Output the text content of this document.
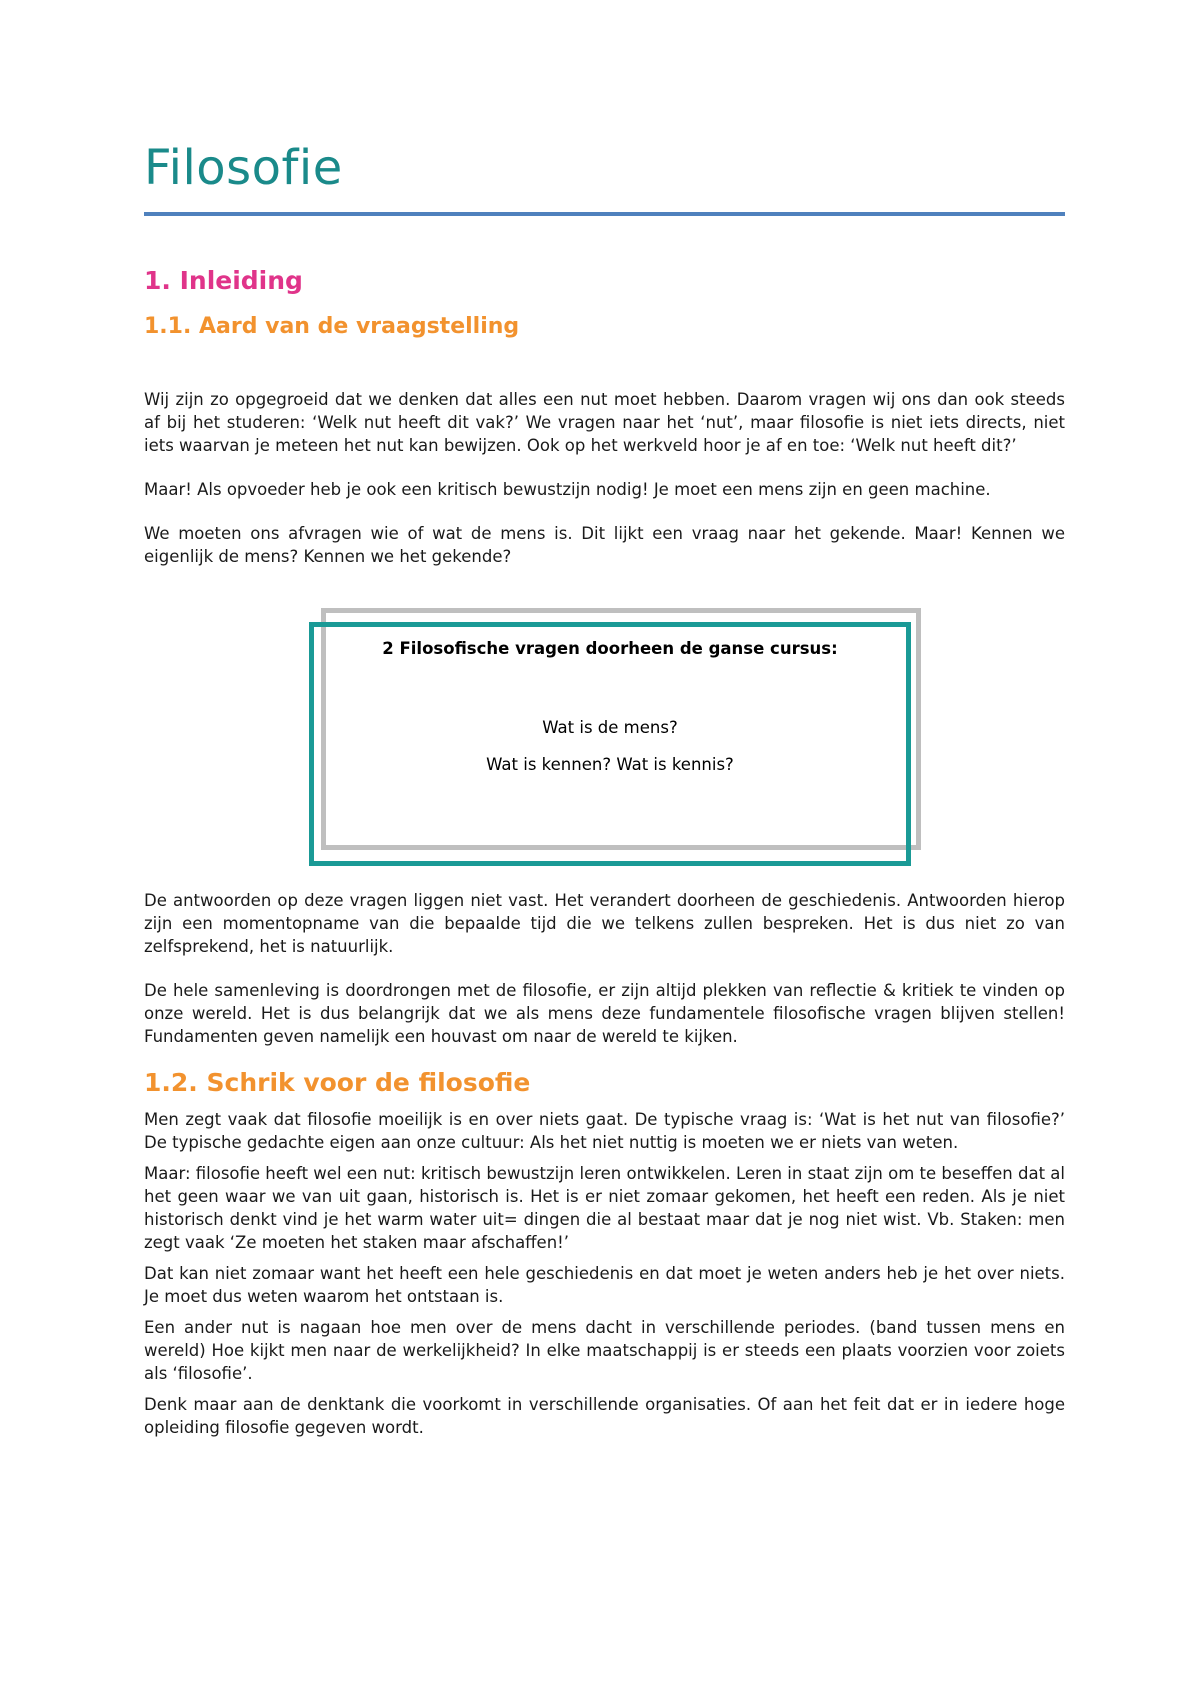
Filosofie
1. Inleiding
1.1. Aard van de vraagstelling

Wij zijn zo opgegroeid dat we denken dat alles een nut moet hebben. Daarom vragen wij ons dan ook steeds af bij het studeren: ‘Welk nut heeft dit vak?’ We vragen naar het ‘nut’, maar filosofie is niet iets directs, niet iets waarvan je meteen het nut kan bewijzen. Ook op het werkveld hoor je af en toe: ‘Welk nut heeft dit?’

Maar! Als opvoeder heb je ook een kritisch bewustzijn nodig! Je moet een mens zijn en geen machine.

We moeten ons afvragen wie of wat de mens is. Dit lijkt een vraag naar het gekende. Maar! Kennen we eigenlijk de mens? Kennen we het gekende?

2 Filosofische vragen doorheen de ganse cursus:
Wat is de mens?
Wat is kennen? Wat is kennis?

De antwoorden op deze vragen liggen niet vast. Het verandert doorheen de geschiedenis. Antwoorden hierop zijn een momentopname van die bepaalde tijd die we telkens zullen bespreken. Het is dus niet zo van zelfsprekend, het is natuurlijk.

De hele samenleving is doordrongen met de filosofie, er zijn altijd plekken van reflectie & kritiek te vinden op onze wereld. Het is dus belangrijk dat we als mens deze fundamentele filosofische vragen blijven stellen! Fundamenten geven namelijk een houvast om naar de wereld te kijken.

1.2. Schrik voor de filosofie

Men zegt vaak dat filosofie moeilijk is en over niets gaat. De typische vraag is: ‘Wat is het nut van filosofie?’ De typische gedachte eigen aan onze cultuur: Als het niet nuttig is moeten we er niets van weten.

Maar: filosofie heeft wel een nut: kritisch bewustzijn leren ontwikkelen. Leren in staat zijn om te beseffen dat al het geen waar we van uit gaan, historisch is. Het is er niet zomaar gekomen, het heeft een reden. Als je niet historisch denkt vind je het warm water uit= dingen die al bestaat maar dat je nog niet wist. Vb. Staken: men zegt vaak ‘Ze moeten het staken maar afschaffen!’

Dat kan niet zomaar want het heeft een hele geschiedenis en dat moet je weten anders heb je het over niets. Je moet dus weten waarom het ontstaan is.

Een ander nut is nagaan hoe men over de mens dacht in verschillende periodes. (band tussen mens en wereld) Hoe kijkt men naar de werkelijkheid? In elke maatschappij is er steeds een plaats voorzien voor zoiets als ‘filosofie’.

Denk maar aan de denktank die voorkomt in verschillende organisaties. Of aan het feit dat er in iedere hoge opleiding filosofie gegeven wordt.
